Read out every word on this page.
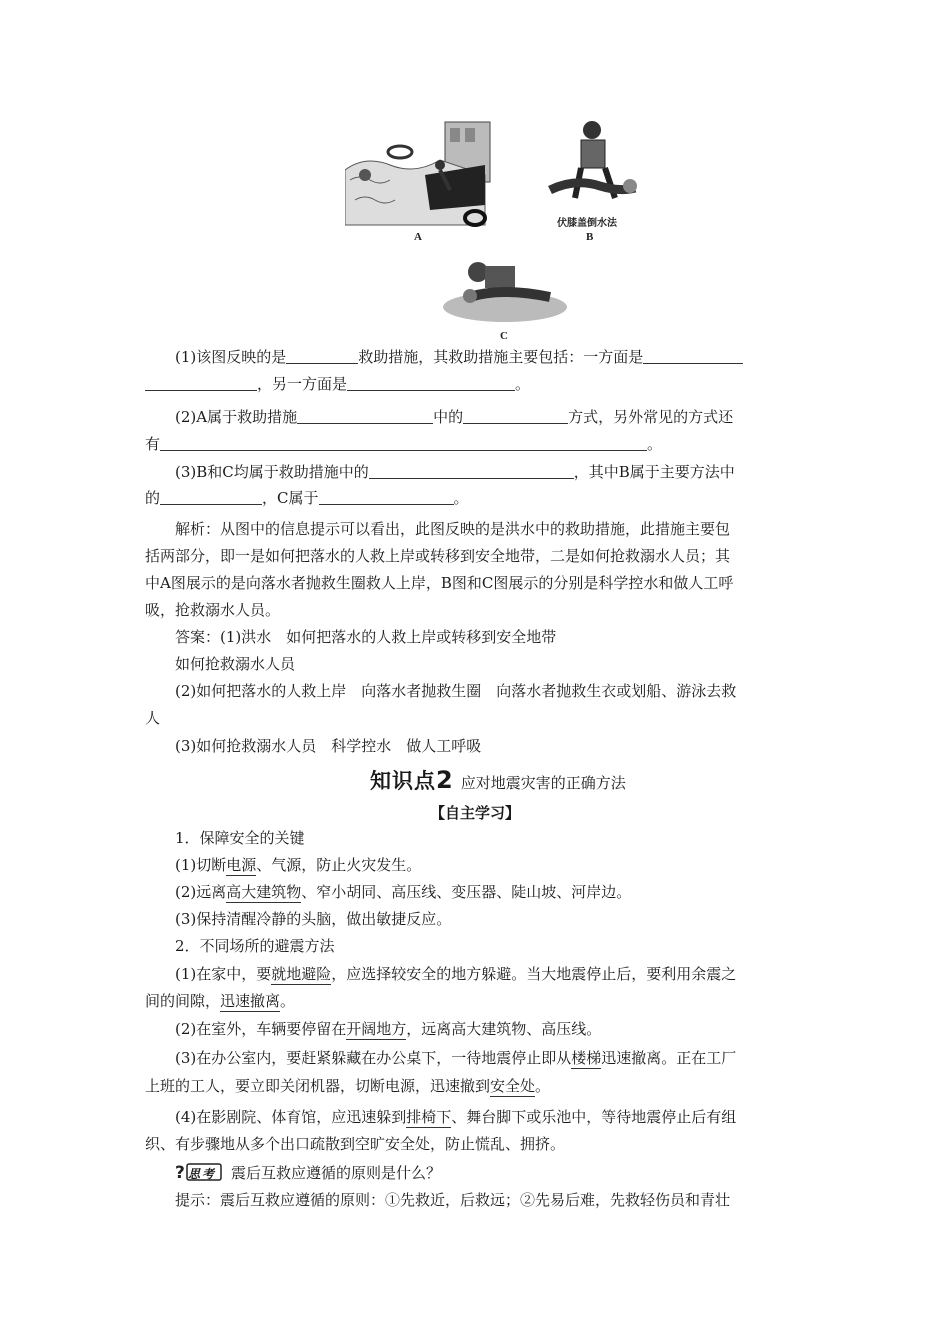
A
伏膝盖倒水法
B
C
(1)该图反映的是	救助措施，其救助措施主要包括：一方面是
，另一方面是	。
(2)A属于救助措施	中的	方式，另外常见的方式还
有	。
(3)B和C均属于救助措施中的	，其中B属于主要方法中
的	，C属于	。
解析：从图中的信息提示可以看出，此图反映的是洪水中的救助措施，此措施主要包
括两部分，即一是如何把落水的人救上岸或转移到安全地带，二是如何抢救溺水人员；其
中A图展示的是向落水者抛救生圈救人上岸，B图和C图展示的分别是科学控水和做人工呼
吸，抢救溺水人员。
答案：(1)洪水　如何把落水的人救上岸或转移到安全地带
如何抢救溺水人员
(2)如何把落水的人救上岸　向落水者抛救生圈　向落水者抛救生衣或划船、游泳去救
人
(3)如何抢救溺水人员　科学控水　做人工呼吸
知识点2 应对地震灾害的正确方法
【自主学习】
1．保障安全的关键
(1)切断电源、气源，防止火灾发生。
(2)远离高大建筑物、窄小胡同、高压线、变压器、陡山坡、河岸边。
(3)保持清醒冷静的头脑，做出敏捷反应。
2．不同场所的避震方法
(1)在家中，要就地避险，应选择较安全的地方躲避。当大地震停止后，要利用余震之
间的间隙，迅速撤离。
(2)在室外，车辆要停留在开阔地方，远离高大建筑物、高压线。
(3)在办公室内，要赶紧躲藏在办公桌下，一待地震停止即从楼梯迅速撤离。正在工厂
上班的工人，要立即关闭机器，切断电源，迅速撤到安全处。
(4)在影剧院、体育馆，应迅速躲到排椅下、舞台脚下或乐池中，等待地震停止后有组
织、有步骤地从多个出口疏散到空旷安全处，防止慌乱、拥挤。
? 思考 震后互救应遵循的原则是什么？
提示：震后互救应遵循的原则：①先救近，后救远；②先易后难，先救轻伤员和青壮
